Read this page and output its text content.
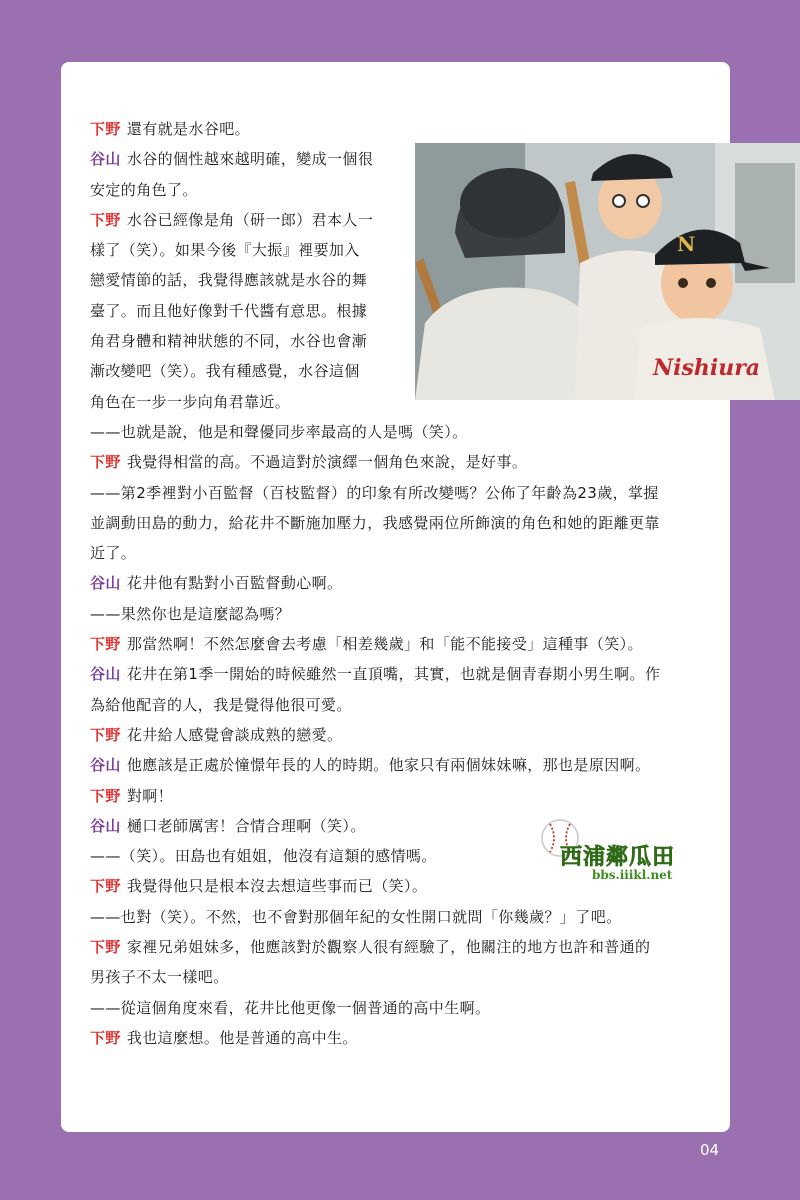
N
Nishiura
下野 還有就是水谷吧。
谷山 水谷的個性越來越明確，變成一個很
安定的角色了。
下野 水谷已經像是角（研一郎）君本人一
樣了（笑）。如果今後『大振』裡要加入
戀愛情節的話，我覺得應該就是水谷的舞
臺了。而且他好像對千代醬有意思。根據
角君身體和精神狀態的不同，水谷也會漸
漸改變吧（笑）。我有種感覺，水谷這個
角色在一步一步向角君靠近。
——也就是說，他是和聲優同步率最高的人是嗎（笑）。
下野 我覺得相當的高。不過這對於演繹一個角色來說，是好事。
——第2季裡對小百監督（百枝監督）的印象有所改變嗎？公佈了年齡為23歲，掌握
並調動田島的動力，給花井不斷施加壓力，我感覺兩位所飾演的角色和她的距離更靠
近了。
谷山 花井他有點對小百監督動心啊。
——果然你也是這麼認為嗎？
下野 那當然啊！不然怎麼會去考慮「相差幾歲」和「能不能接受」這種事（笑）。
谷山 花井在第1季一開始的時候雖然一直頂嘴，其實，也就是個青春期小男生啊。作
為給他配音的人，我是覺得他很可愛。
下野 花井給人感覺會談成熟的戀愛。
谷山 他應該是正處於憧憬年長的人的時期。他家只有兩個妹妹嘛，那也是原因啊。
下野 對啊！
谷山 樋口老師厲害！合情合理啊（笑）。
——（笑）。田島也有姐姐，他沒有這類的感情嗎。
下野 我覺得他只是根本沒去想這些事而已（笑）。
——也對（笑）。不然，也不會對那個年紀的女性開口就問「你幾歲？」了吧。
下野 家裡兄弟姐妹多，他應該對於觀察人很有經驗了，他關注的地方也許和普通的
男孩子不太一樣吧。
——從這個角度來看，花井比他更像一個普通的高中生啊。
下野 我也這麼想。他是普通的高中生。
西浦鄰瓜田
bbs.iiikl.net
04
